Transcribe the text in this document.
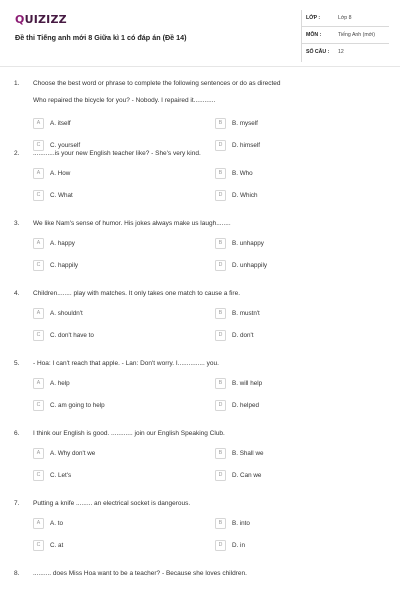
QUIZIZZ
Đề thi Tiếng anh mới 8 Giữa kì 1 có đáp án (Đề 14)
LỚP :	Lớp 8
MÔN :	Tiếng Anh (mới)
SỐ CÂU : 12
1. Choose the best word or phrase to complete the following sentences or do as directed
Who repaired the bicycle for you? - Nobody. I repaired it............
A	A. itself	B	B. myself
C	C. yourself	D	D. himself
2. ............is your new English teacher like? - She's very kind.
A	A. How	B	B. Who
C	C. What	D	D. Which
3. We like Nam's sense of humor. His jokes always make us laugh........
A	A. happy	B	B. unhappy
C	C. happily	D	D. unhappily
4. Children........ play with matches. It only takes one match to cause a fire.
A	A. shouldn't	B	B. mustn't
C	C. don't have to	D	D. don't
5. - Hoa: I can't reach that apple. - Lan: Don't worry. I............... you.
A	A. help	B	B. will help
C	C. am going to help	D	D. helped
6. I think our English is good. ............ join our English Speaking Club.
A	A. Why don't we	B	B. Shall we
C	C. Let's	D	D. Can we
7. Putting a knife ......... an electrical socket is dangerous.
A	A. to	B	B. into
C	C. at	D	D. in
8. .......... does Miss Hoa want to be a teacher? - Because she loves children.
